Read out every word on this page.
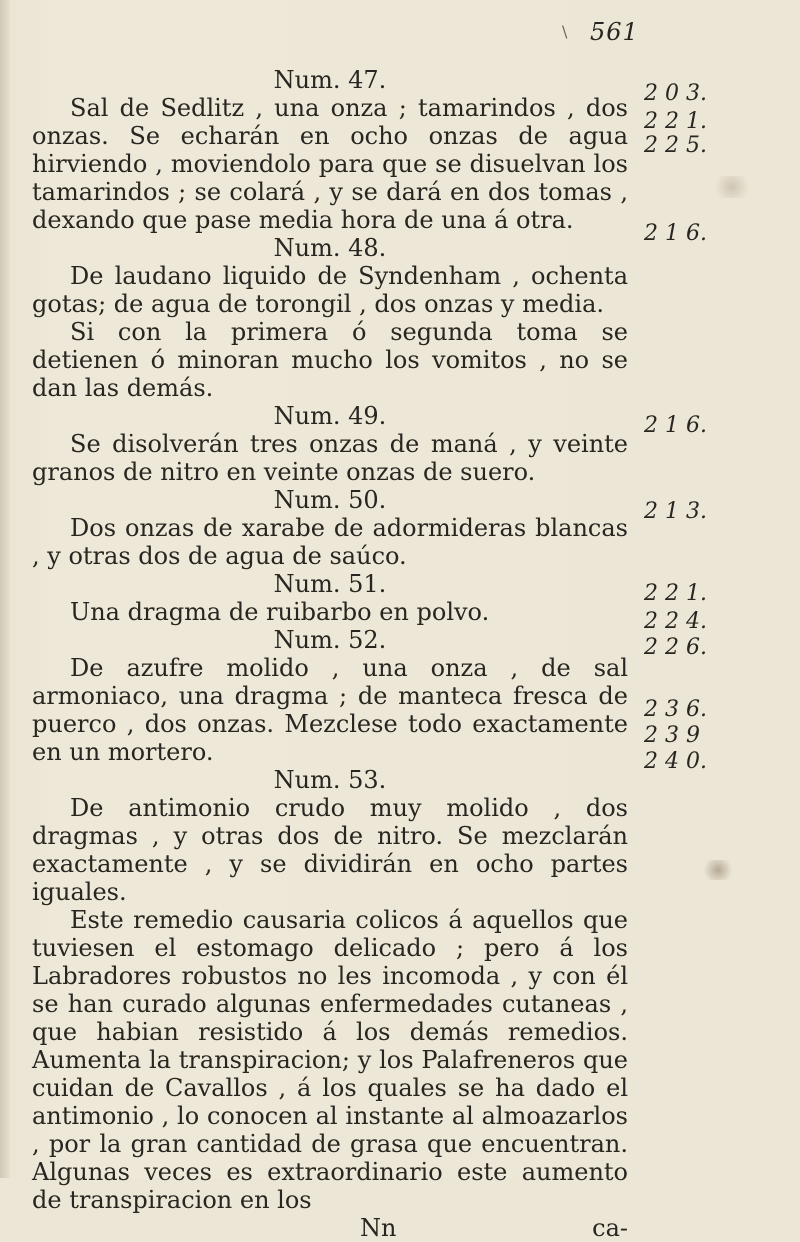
\ 561

Num. 47.

Sal de Sedlitz , una onza ; tamarindos , dos onzas. Se echarán en ocho onzas de agua hirviendo , moviendolo para que se disuelvan los tamarindos ; se colará , y se dará en dos tomas , dexando que pase media hora de una á otra.

Num. 48.

De laudano liquido de Syndenham , ochenta gotas; de agua de torongil , dos onzas y media.

Si con la primera ó segunda toma se detienen ó minoran mucho los vomitos , no se dan las demás.

Num. 49.

Se disolverán tres onzas de maná , y veinte granos de nitro en veinte onzas de suero.

Num. 50.

Dos onzas de xarabe de adormideras blancas , y otras dos de agua de saúco.

Num. 51.

Una dragma de ruibarbo en polvo.

Num. 52.

De azufre molido , una onza , de sal armoniaco, una dragma ; de manteca fresca de puerco , dos onzas. Mezclese todo exactamente en un mortero.

Num. 53.

De antimonio crudo muy molido , dos dragmas , y otras dos de nitro. Se mezclarán exactamente , y se dividirán en ocho partes iguales.

Este remedio causaria colicos á aquellos que tuviesen el estomago delicado ; pero á los Labradores robustos no les incomoda , y con él se han curado algunas enfermedades cutaneas , que habian resistido á los demás remedios. Aumenta la transpiracion; y los Palafreneros que cuidan de Cavallos , á los quales se ha dado el antimonio , lo conocen al instante al almoazarlos , por la gran cantidad de grasa que encuentran. Algunas veces es extraordinario este aumento de transpiracion en los

Nn	ca-
2 0 3.
2 2 1.
2 2 5.
2 1 6.
2 1 6.
2 1 3.
2 2 1.
2 2 4.
2 2 6.
2 3 6.
2 3 9
2 4 0.
